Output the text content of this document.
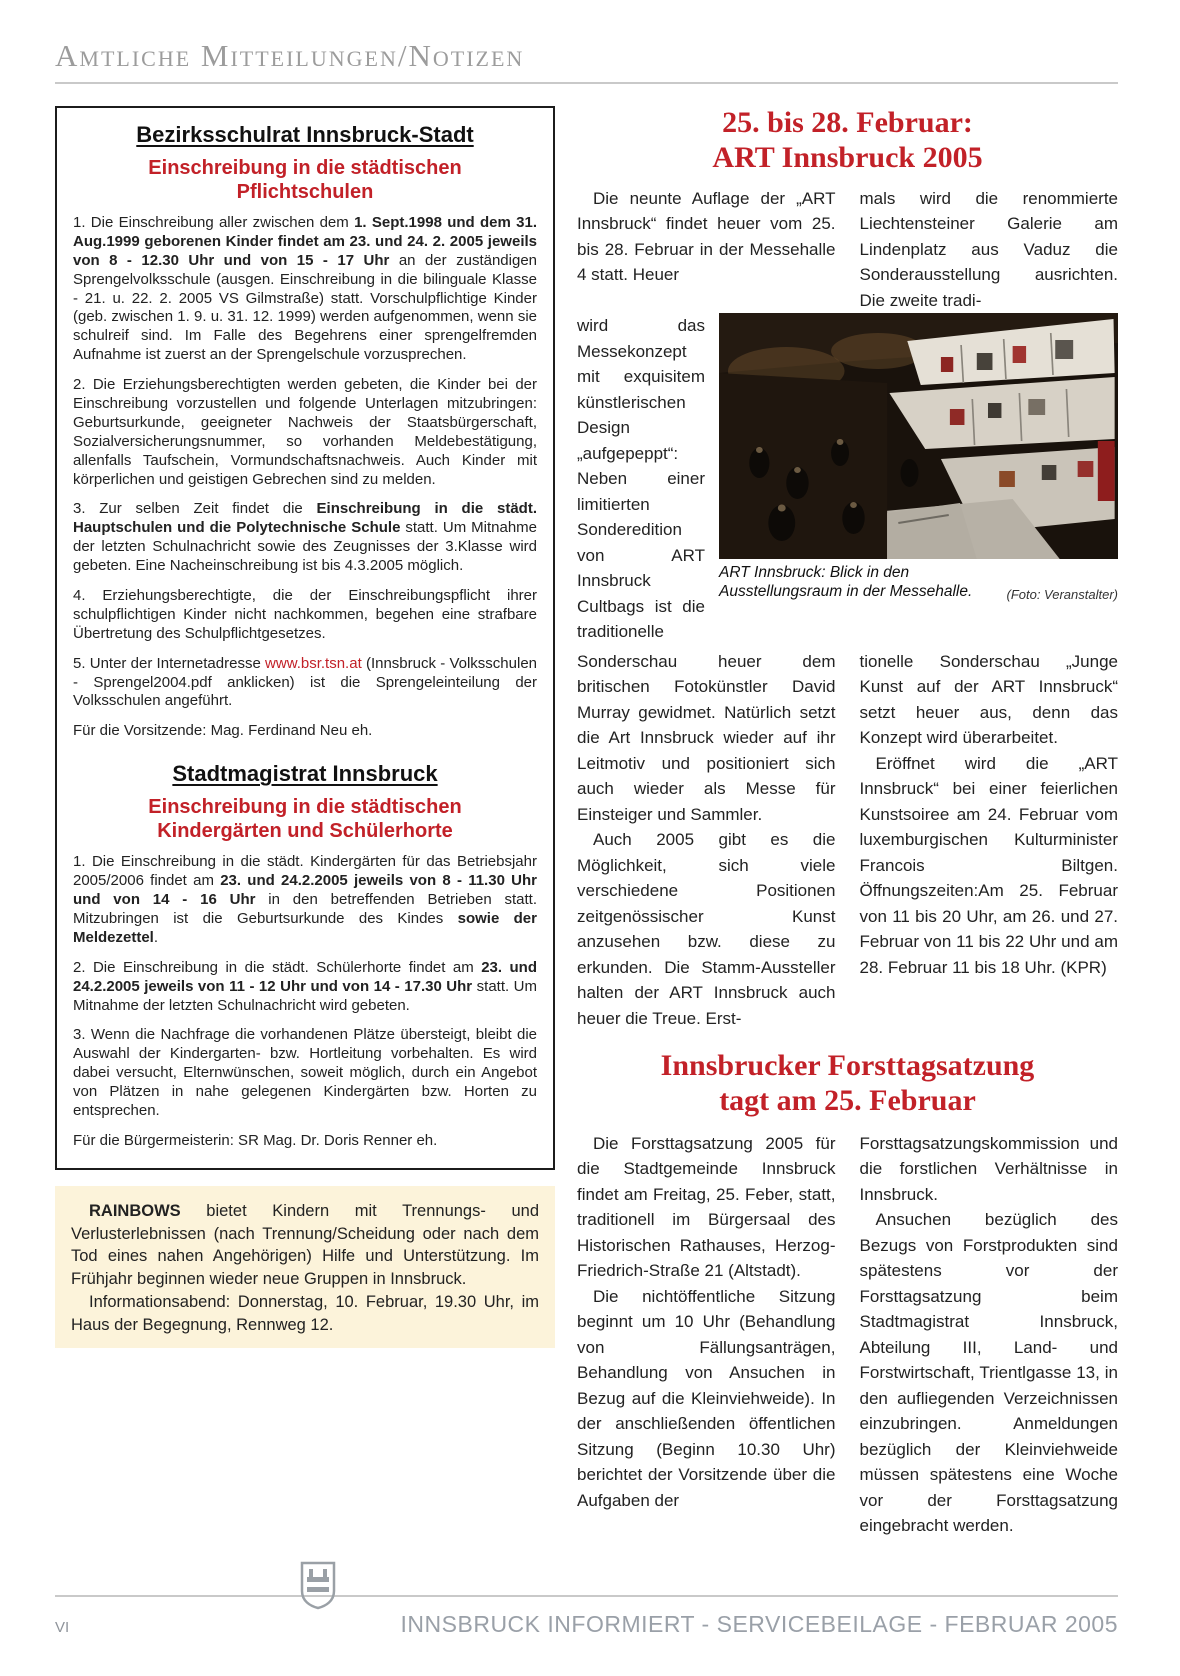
Amtliche Mitteilungen/Notizen
Bezirksschulrat Innsbruck-Stadt
Einschreibung in die städtischen Pflichtschulen

1. Die Einschreibung aller zwischen dem 1. Sept.1998 und dem 31. Aug.1999 geborenen Kinder findet am 23. und 24. 2. 2005 jeweils von 8 - 12.30 Uhr und von 15 - 17 Uhr an der zuständigen Sprengelvolksschule (ausgen. Einschreibung in die bilinguale Klasse - 21. u. 22. 2. 2005 VS Gilmstraße) statt. Vorschulpflichtige Kinder (geb. zwischen 1. 9. u. 31. 12. 1999) werden aufgenommen, wenn sie schulreif sind. Im Falle des Begehrens einer sprengelfremden Aufnahme ist zuerst an der Sprengelschule vorzusprechen.

2. Die Erziehungsberechtigten werden gebeten, die Kinder bei der Einschreibung vorzustellen und folgende Unterlagen mitzubringen: Geburtsurkunde, geeigneter Nachweis der Staatsbürgerschaft, Sozialversicherungsnummer, so vorhanden Meldebestätigung, allenfalls Taufschein, Vormundschaftsnachweis. Auch Kinder mit körperlichen und geistigen Gebrechen sind zu melden.

3. Zur selben Zeit findet die Einschreibung in die städt. Hauptschulen und die Polytechnische Schule statt. Um Mitnahme der letzten Schulnachricht sowie des Zeugnisses der 3.Klasse wird gebeten. Eine Nacheinschreibung ist bis 4.3.2005 möglich.

4. Erziehungsberechtigte, die der Einschreibungspflicht ihrer schulpflichtigen Kinder nicht nachkommen, begehen eine strafbare Übertretung des Schulpflichtgesetzes.

5. Unter der Internetadresse www.bsr.tsn.at (Innsbruck - Volksschulen - Sprengel2004.pdf anklicken) ist die Sprengeleinteilung der Volksschulen angeführt.

Für die Vorsitzende: Mag. Ferdinand Neu eh.

Stadtmagistrat Innsbruck
Einschreibung in die städtischen Kindergärten und Schülerhorte

1. Die Einschreibung in die städt. Kindergärten für das Betriebsjahr 2005/2006 findet am 23. und 24.2.2005 jeweils von 8 - 11.30 Uhr und von 14 - 16 Uhr in den betreffenden Betrieben statt. Mitzubringen ist die Geburtsurkunde des Kindes sowie der Meldezettel.

2. Die Einschreibung in die städt. Schülerhorte findet am 23. und 24.2.2005 jeweils von 11 - 12 Uhr und von 14 - 17.30 Uhr statt. Um Mitnahme der letzten Schulnachricht wird gebeten.

3. Wenn die Nachfrage die vorhandenen Plätze übersteigt, bleibt die Auswahl der Kindergarten- bzw. Hortleitung vorbehalten. Es wird dabei versucht, Elternwünschen, soweit möglich, durch ein Angebot von Plätzen in nahe gelegenen Kindergärten bzw. Horten zu entsprechen.

Für die Bürgermeisterin: SR Mag. Dr. Doris Renner eh.

RAINBOWS bietet Kindern mit Trennungs- und Verlusterlebnissen (nach Trennung/Scheidung oder nach dem Tod eines nahen Angehörigen) Hilfe und Unterstützung. Im Frühjahr beginnen wieder neue Gruppen in Innsbruck.

Informationsabend: Donnerstag, 10. Februar, 19.30 Uhr, im Haus der Begegnung, Rennweg 12.

25. bis 28. Februar:
ART Innsbruck 2005

Die neunte Auflage der „ART Innsbruck“ findet heuer vom 25. bis 28. Februar in der Messehalle 4 statt. Heuer

mals wird die renommierte Liechtensteiner Galerie am Lindenplatz aus Vaduz die Sonderausstellung ausrichten. Die zweite tradi-

wird das Messekonzept mit exquisitem künstlerischen Design „aufgepeppt“: Neben einer limitierten Sonderedition von ART Innsbruck Cultbags ist die traditionelle

ART Innsbruck: Blick in den Ausstellungsraum in der Messehalle.	(Foto: Veranstalter)

Sonderschau heuer dem britischen Fotokünstler David Murray gewidmet. Natürlich setzt die Art Innsbruck wieder auf ihr Leitmotiv und positioniert sich auch wieder als Messe für Einsteiger und Sammler.

Auch 2005 gibt es die Möglichkeit, sich viele verschiedene Positionen zeitgenössischer Kunst anzusehen bzw. diese zu erkunden. Die Stamm-Aussteller halten der ART Innsbruck auch heuer die Treue. Erst-

tionelle Sonderschau „Junge Kunst auf der ART Innsbruck“ setzt heuer aus, denn das Konzept wird überarbeitet.

Eröffnet wird die „ART Innsbruck“ bei einer feierlichen Kunstsoiree am 24. Februar vom luxemburgischen Kulturminister Francois Biltgen. Öffnungszeiten:Am 25. Februar von 11 bis 20 Uhr, am 26. und 27. Februar von 11 bis 22 Uhr und am 28. Februar 11 bis 18 Uhr. (KPR)

Innsbrucker Forsttagsatzung
tagt am 25. Februar

Die Forsttagsatzung 2005 für die Stadtgemeinde Innsbruck findet am Freitag, 25. Feber, statt, traditionell im Bürgersaal des Historischen Rathauses, Herzog-Friedrich-Straße 21 (Altstadt).

Die nichtöffentliche Sitzung beginnt um 10 Uhr (Behandlung von Fällungsanträgen, Behandlung von Ansuchen in Bezug auf die Kleinviehweide). In der anschließenden öffentlichen Sitzung (Beginn 10.30 Uhr) berichtet der Vorsitzende über die Aufgaben der

Forsttagsatzungskommission und die forstlichen Verhältnisse in Innsbruck.

Ansuchen bezüglich des Bezugs von Forstprodukten sind spätestens vor der Forsttagsatzung beim Stadtmagistrat Innsbruck, Abteilung III, Land- und Forstwirtschaft, Trientlgasse 13, in den aufliegenden Verzeichnissen einzubringen. Anmeldungen bezüglich der Kleinviehweide müssen spätestens eine Woche vor der Forsttagsatzung eingebracht werden.

VI	INNSBRUCK INFORMIERT - SERVICEBEILAGE - FEBRUAR 2005
